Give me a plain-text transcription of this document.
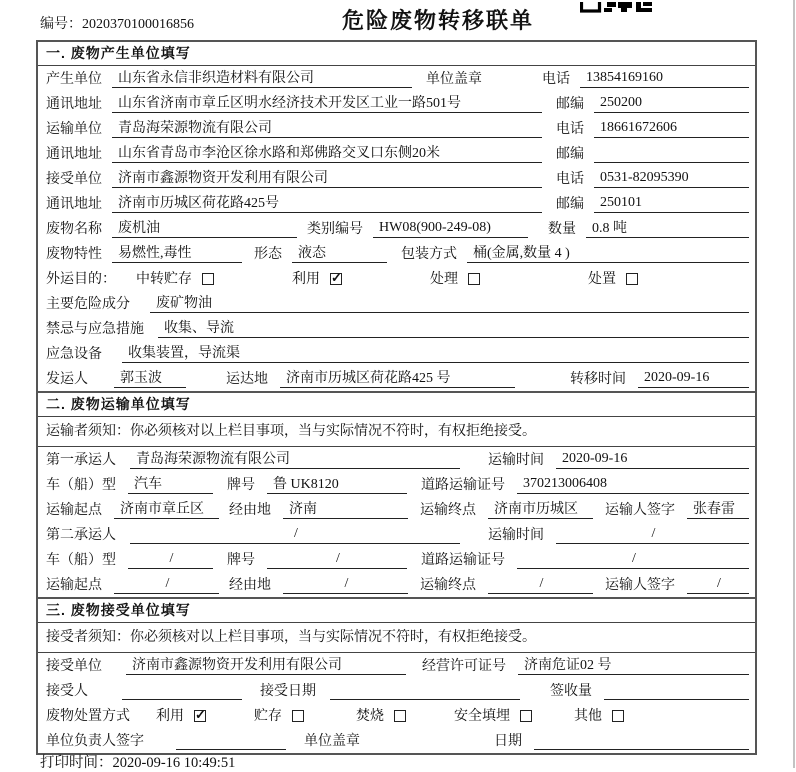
编号：2020370100016856	危险废物转移联单
一. 废物产生单位填写
产生单位	山东省永信非织造材料有限公司	单位盖章	电话	13854169160
通讯地址	山东省济南市章丘区明水经济技术开发区工业一路501号	邮编	250200
运输单位	青岛海荣源物流有限公司	电话	18661672606
通讯地址	山东省青岛市李沧区徐水路和郑佛路交叉口东侧20米	邮编
接受单位	济南市鑫源物资开发利用有限公司	电话	0531-82095390
通讯地址	济南市历城区荷花路425号	邮编	250101
废物名称	废机油	类别编号	HW08(900-249-08)	数量	0.8 吨
废物特性	易燃性,毒性	形态	液态	包装方式	桶(金属,数量 4 )
外运目的： 中转贮存	利用 ✓	处理	处置
主要危险成分	废矿物油
禁忌与应急措施	收集、导流
应急设备	收集装置，导流渠
发运人	郭玉波	运达地	济南市历城区荷花路425 号	转移时间	2020-09-16
二. 废物运输单位填写
运输者须知：你必须核对以上栏目事项，当与实际情况不符时，有权拒绝接受。
第一承运人	青岛海荣源物流有限公司	运输时间	2020-09-16
车（船）型	汽车	牌号	鲁 UK8120	道路运输证号	370213006408
运输起点	济南市章丘区	经由地	济南	运输终点	济南市历城区	运输人签字	张春雷
第二承运人	/	运输时间	/
车（船）型	/	牌号	/	道路运输证号	/
运输起点	/	经由地	/	运输终点	/	运输人签字	/
三. 废物接受单位填写
接受者须知：你必须核对以上栏目事项，当与实际情况不符时，有权拒绝接受。
接受单位	济南市鑫源物资开发利用有限公司	经营许可证号	济南危证02 号
接受人	接受日期	签收量
废物处置方式 利用 ✓	贮存	焚烧	安全填埋	其他
单位负责人签字	单位盖章	日期
打印时间：2020-09-16 10:49:51
